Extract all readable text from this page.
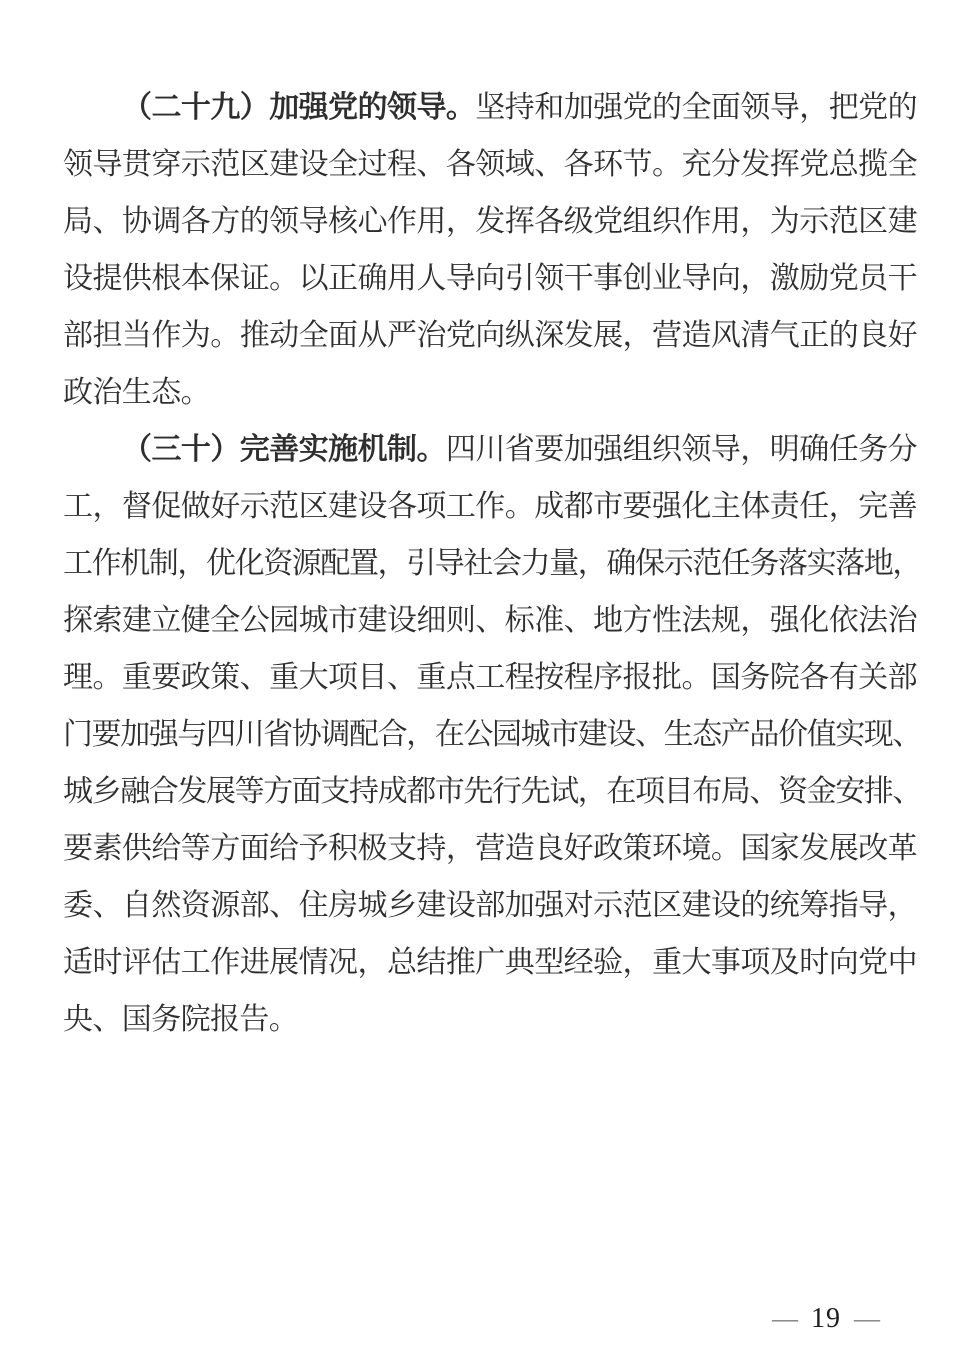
（二十九）加强党的领导。坚持和加强党的全面领导，把党的
领导贯穿示范区建设全过程、各领域、各环节。充分发挥党总揽全
局、协调各方的领导核心作用，发挥各级党组织作用，为示范区建
设提供根本保证。以正确用人导向引领干事创业导向，激励党员干
部担当作为。推动全面从严治党向纵深发展，营造风清气正的良好
政治生态。
（三十）完善实施机制。四川省要加强组织领导，明确任务分
工，督促做好示范区建设各项工作。成都市要强化主体责任，完善
工作机制，优化资源配置，引导社会力量，确保示范任务落实落地，
探索建立健全公园城市建设细则、标准、地方性法规，强化依法治
理。重要政策、重大项目、重点工程按程序报批。国务院各有关部
门要加强与四川省协调配合，在公园城市建设、生态产品价值实现、
城乡融合发展等方面支持成都市先行先试，在项目布局、资金安排、
要素供给等方面给予积极支持，营造良好政策环境。国家发展改革
委、自然资源部、住房城乡建设部加强对示范区建设的统筹指导，
适时评估工作进展情况，总结推广典型经验，重大事项及时向党中
央、国务院报告。
— 19 —
